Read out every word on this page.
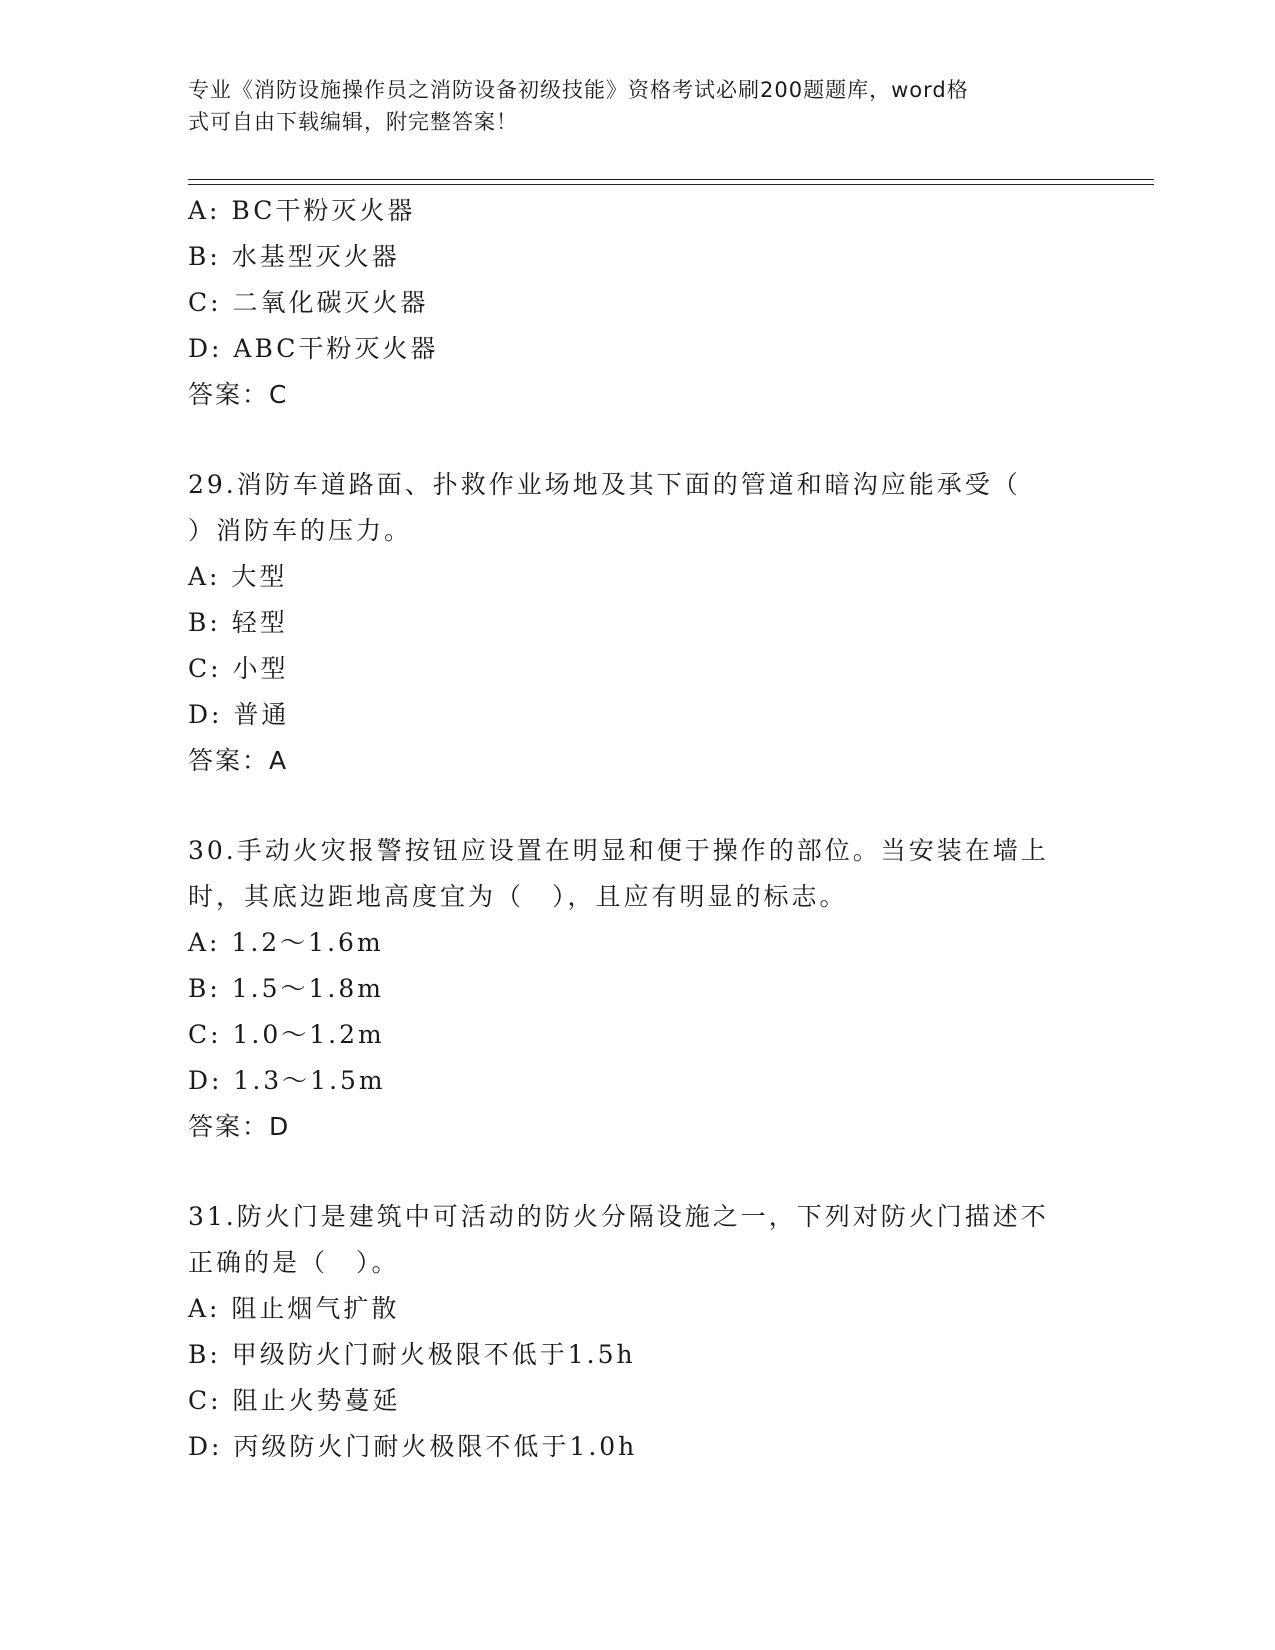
专业《消防设施操作员之消防设备初级技能》资格考试必刷200题题库，word格
式可自由下载编辑，附完整答案！
A: BC干粉灭火器
B: 水基型灭火器
C: 二氧化碳灭火器
D: ABC干粉灭火器
答案：C
29.消防车道路面、扑救作业场地及其下面的管道和暗沟应能承受（
）消防车的压力。
A: 大型
B: 轻型
C: 小型
D: 普通
答案：A
30.手动火灾报警按钮应设置在明显和便于操作的部位。当安装在墙上
时，其底边距地高度宜为（　），且应有明显的标志。
A: 1.2～1.6m
B: 1.5～1.8m
C: 1.0～1.2m
D: 1.3～1.5m
答案：D
31.防火门是建筑中可活动的防火分隔设施之一，下列对防火门描述不
正确的是（　）。
A: 阻止烟气扩散
B: 甲级防火门耐火极限不低于1.5h
C: 阻止火势蔓延
D: 丙级防火门耐火极限不低于1.0h
